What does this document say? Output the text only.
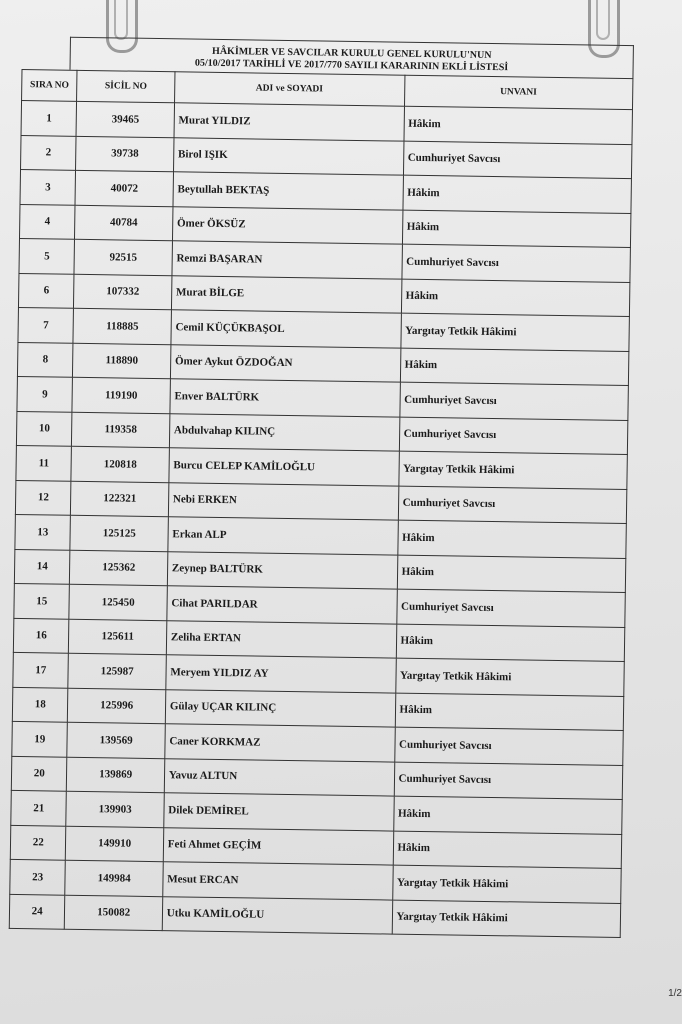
HÂKİMLER VE SAVCILAR KURULU GENEL KURULU'NUN
05/10/2017 TARİHLİ VE 2017/770 SAYILI KARARININ EKLİ LİSTESİ
SIRA NO	SİCİL NO	ADI ve SOYADI	UNVANI
1	39465	Murat YILDIZ	Hâkim
2	39738	Birol IŞIK	Cumhuriyet Savcısı
3	40072	Beytullah BEKTAŞ	Hâkim
4	40784	Ömer ÖKSÜZ	Hâkim
5	92515	Remzi BAŞARAN	Cumhuriyet Savcısı
6	107332	Murat BİLGE	Hâkim
7	118885	Cemil KÜÇÜKBAŞOL	Yargıtay Tetkik Hâkimi
8	118890	Ömer Aykut ÖZDOĞAN	Hâkim
9	119190	Enver BALTÜRK	Cumhuriyet Savcısı
10	119358	Abdulvahap KILINÇ	Cumhuriyet Savcısı
11	120818	Burcu CELEP KAMİLOĞLU	Yargıtay Tetkik Hâkimi
12	122321	Nebi ERKEN	Cumhuriyet Savcısı
13	125125	Erkan ALP	Hâkim
14	125362	Zeynep BALTÜRK	Hâkim
15	125450	Cihat PARILDAR	Cumhuriyet Savcısı
16	125611	Zeliha ERTAN	Hâkim
17	125987	Meryem YILDIZ AY	Yargıtay Tetkik Hâkimi
18	125996	Gülay UÇAR KILINÇ	Hâkim
19	139569	Caner KORKMAZ	Cumhuriyet Savcısı
20	139869	Yavuz ALTUN	Cumhuriyet Savcısı
21	139903	Dilek DEMİREL	Hâkim
22	149910	Feti Ahmet GEÇİM	Hâkim
23	149984	Mesut ERCAN	Yargıtay Tetkik Hâkimi
24	150082	Utku KAMİLOĞLU	Yargıtay Tetkik Hâkimi
1/2
